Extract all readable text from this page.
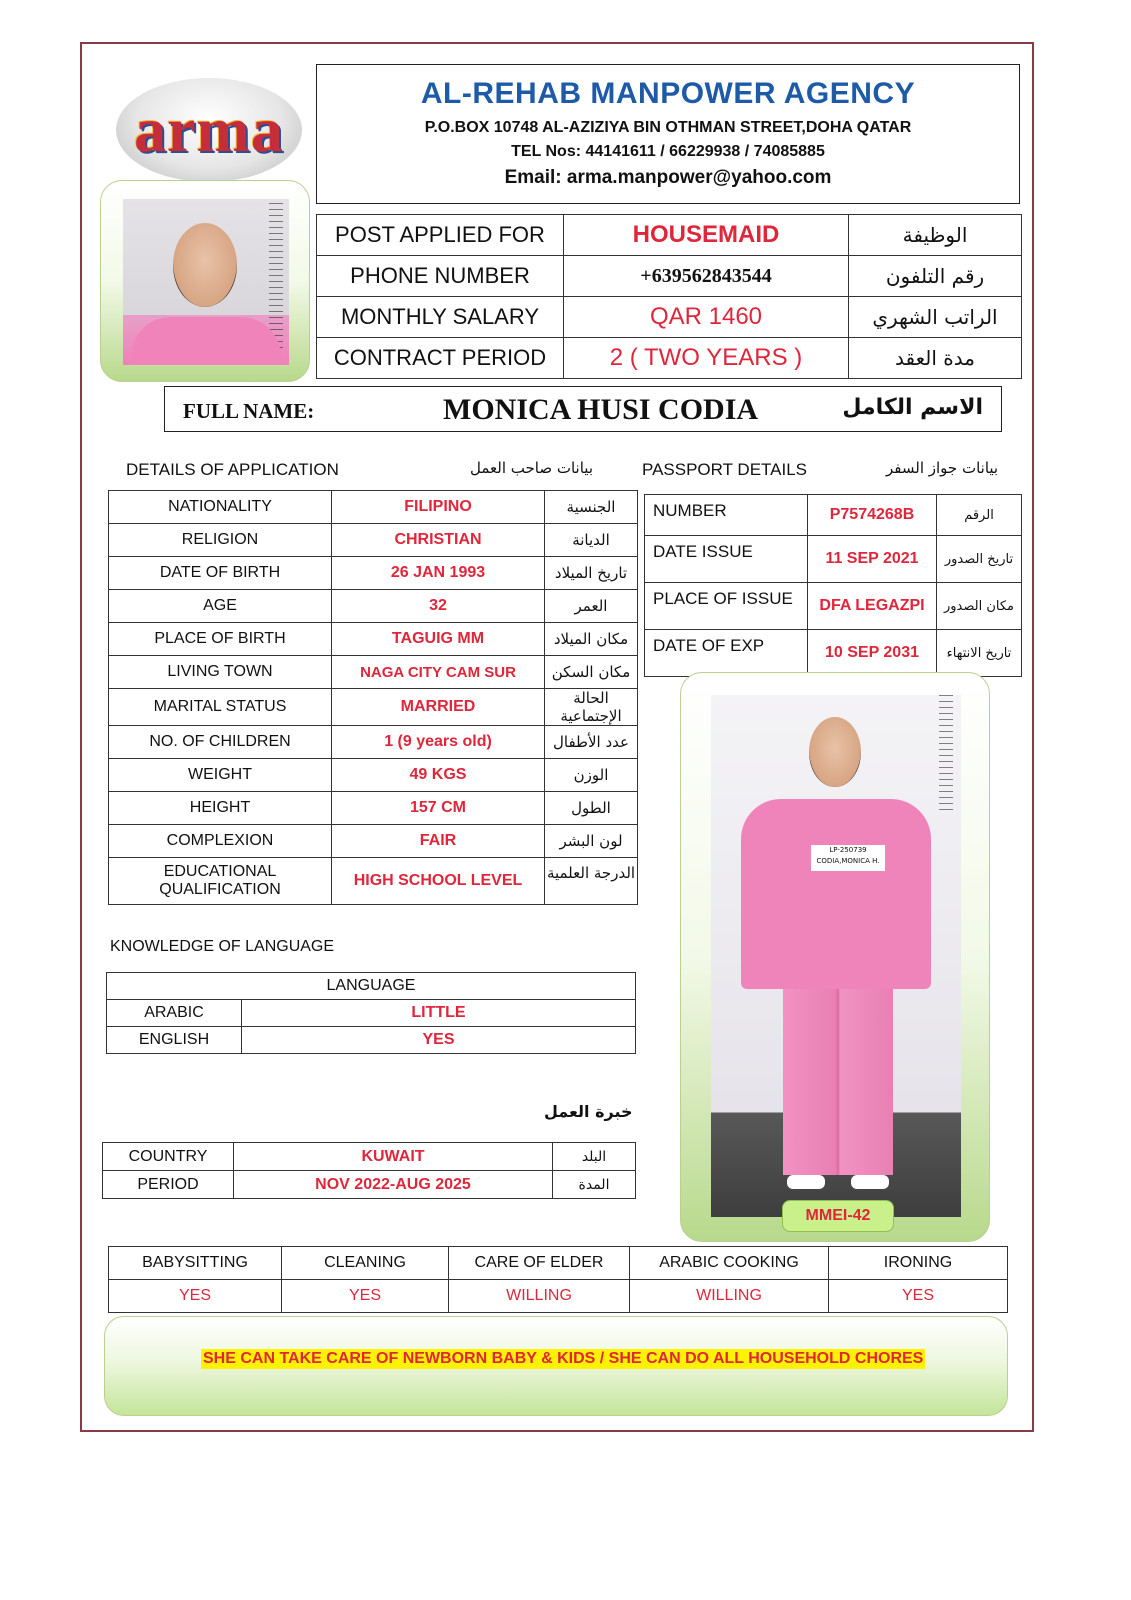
arma
AL-REHAB MANPOWER AGENCY
P.O.BOX 10748 AL-AZIZIYA BIN OTHMAN STREET,DOHA QATAR
TEL Nos: 44141611 / 66229938 / 74085885
Email: arma.manpower@yahoo.com
POST APPLIED FOR	HOUSEMAID	الوظيفة
PHONE NUMBER	+639562843544	رقم التلفون
MONTHLY SALARY	QAR 1460	الراتب الشهري
CONTRACT PERIOD	2 ( TWO YEARS )	مدة العقد
FULL NAME:	MONICA HUSI CODIA	الاسم الكامل
DETAILS OF APPLICATION	بيانات صاحب العمل	PASSPORT DETAILS	بيانات جواز السفر
NATIONALITY	FILIPINO	الجنسية
RELIGION	CHRISTIAN	الديانة
DATE OF BIRTH	26 JAN 1993	تاريخ الميلاد
AGE	32	العمر
PLACE OF BIRTH	TAGUIG MM	مكان الميلاد
LIVING TOWN	NAGA CITY CAM SUR	مكان السكن
MARITAL STATUS	MARRIED	الحالة الإجتماعية
NO. OF CHILDREN	1 (9 years old)	عدد الأطفال
WEIGHT	49 KGS	الوزن
HEIGHT	157 CM	الطول
COMPLEXION	FAIR	لون البشر
EDUCATIONAL QUALIFICATION	HIGH SCHOOL LEVEL	الدرجة العلمية
NUMBER	P7574268B	الرقم
DATE ISSUE	11 SEP 2021	تاريخ الصدور
PLACE OF ISSUE	DFA LEGAZPI	مكان الصدور
DATE OF EXP	10 SEP 2031	تاريخ الانتهاء
KNOWLEDGE OF LANGUAGE
LANGUAGE	
ARABIC	LITTLE
ENGLISH	YES
خبرة العمل
COUNTRY	KUWAIT	البلد
PERIOD	NOV 2022-AUG 2025	المدة
LP-250739
CODIA,MONICA H.
MMEI-42
BABYSITTING	CLEANING	CARE OF ELDER	ARABIC COOKING	IRONING
YES	YES	WILLING	WILLING	YES
SHE CAN TAKE CARE OF NEWBORN BABY & KIDS / SHE CAN DO ALL HOUSEHOLD CHORES
